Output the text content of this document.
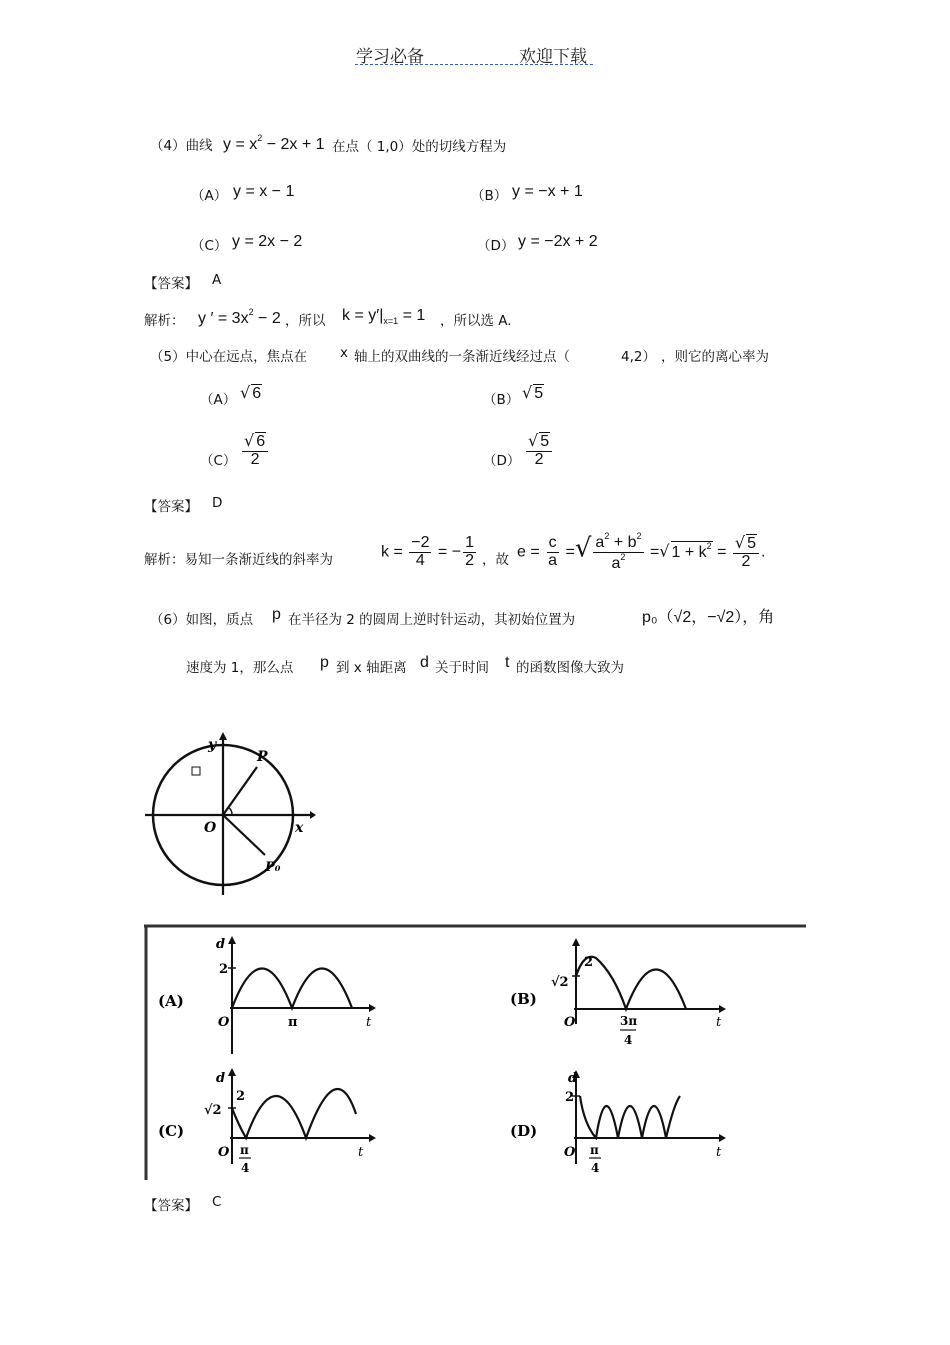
学习必备	欢迎下载
（4）曲线 $y = x^2 - 2x + 1$ 在点（ 1,0）处的切线方程为
（A） y = x − 1	（B） y = −x + 1
（C） y = 2x − 2	（D） y = −2x + 2
【答案】 A
解析： y ′ = $3x^2 - 2$ ，所以 $k = y'|_{x=1} = 1$ ，所以选 A.
（5）中心在远点，焦点在 x 轴上的双曲线的一条渐近线经过点（	4,2） ，则它的离心率为
（A） √ 6	（B） √ 5
$(C) \frac{√ 6}{2}$	$(D) \frac{√ 5}{2}$
【答案】 D
解析：易知一条渐近线的斜率为	$k = \frac{-2}{4}$ = − $\frac{1}{2}$ ，故 $e = \frac{c}{a}$ =√ $\frac{a^2 + b^2}{a^2}$ =√ $1 + k^2 = \frac{√ 5}{2}$ .
（6）如图，质点 p 在半径为 2 的圆周上逆时针运动，其初始位置为	p₀（√2，−√2），角
速度为 1，那么点 p 到 x 轴距离 d 关于时间 t 的函数图像大致为
y
P
O	x
P₀
(A)
d
2
O	π	t
(B)
2
√2
O	3π
4
t
(C)
d
2
√2
O π
4
t
(D)
d
2
O π
4
t
【答案】 C
